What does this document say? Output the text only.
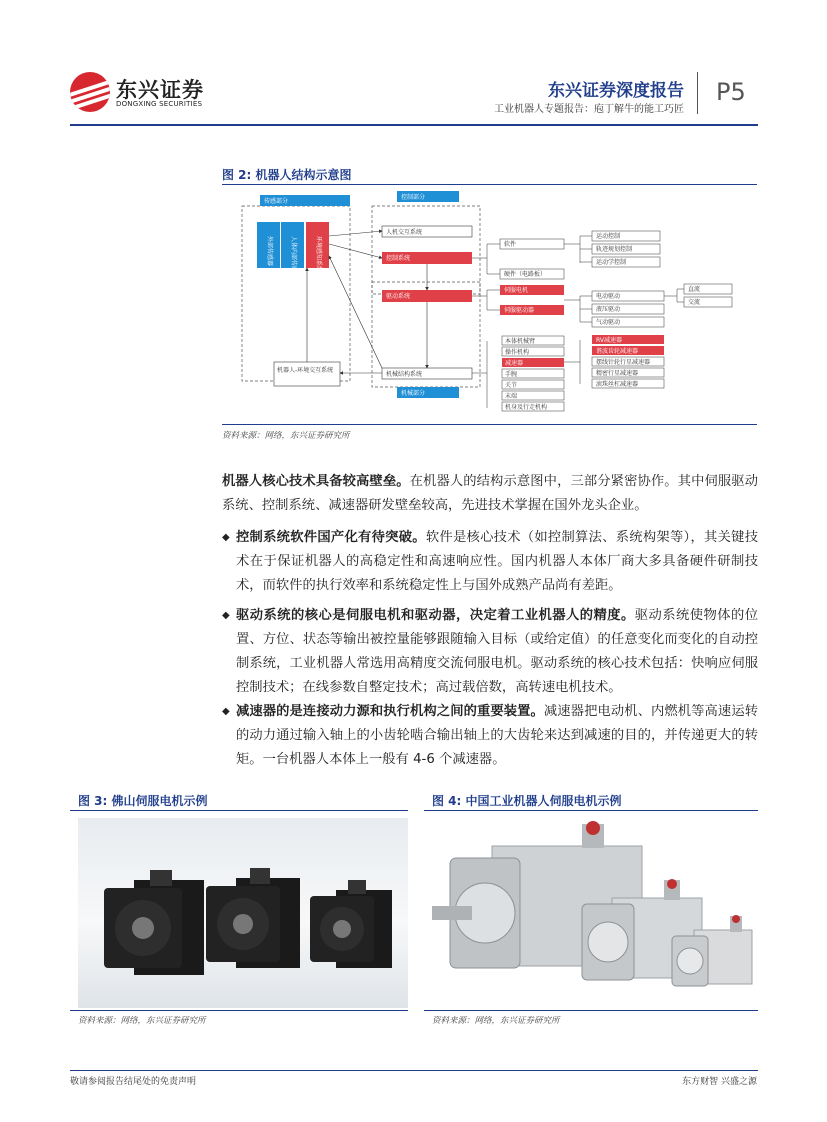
东兴证券
DONGXING SECURITIES
东兴证券深度报告
工业机器人专题报告：庖丁解牛的能工巧匠
P5
图 2: 机器人结构示意图
传感部分
控制部分
机械部分
外部传感器	人体内部传感器	环境感知系统
机器人-环境交互系统
人机交互系统
控制系统
驱动系统
机械结构系统
软件
硬件（电路板）
运动控制
轨迹规划控制
运动学控制
伺服电机
伺服驱动器
电动驱动
液压驱动
气动驱动
直流
交流
本体机械臂
操作机构
减速器
手腕
关节
末端
机身及行走机构
RV减速器
谐波齿轮减速器
摆线针轮行星减速器
精密行星减速器
滚珠丝杠减速器
资料来源：网络，东兴证券研究所
机器人核心技术具备较高壁垒。在机器人的结构示意图中，三部分紧密协作。其中伺服驱动系统、控制系统、减速器研发壁垒较高，先进技术掌握在国外龙头企业。
◆ 控制系统软件国产化有待突破。软件是核心技术（如控制算法、系统构架等），其关键技术在于保证机器人的高稳定性和高速响应性。国内机器人本体厂商大多具备硬件研制技术，而软件的执行效率和系统稳定性上与国外成熟产品尚有差距。
◆ 驱动系统的核心是伺服电机和驱动器，决定着工业机器人的精度。驱动系统使物体的位置、方位、状态等输出被控量能够跟随输入目标（或给定值）的任意变化而变化的自动控制系统，工业机器人常选用高精度交流伺服电机。驱动系统的核心技术包括：快响应伺服控制技术；在线参数自整定技术；高过载倍数，高转速电机技术。
◆ 减速器的是连接动力源和执行机构之间的重要装置。减速器把电动机、内燃机等高速运转的动力通过输入轴上的小齿轮啮合输出轴上的大齿轮来达到减速的目的，并传递更大的转矩。一台机器人本体上一般有 4-6 个减速器。
图 3: 佛山伺服电机示例
资料来源：网络，东兴证券研究所
图 4: 中国工业机器人伺服电机示例
资料来源：网络，东兴证券研究所
敬请参阅报告结尾处的免责声明	东方财智 兴盛之源
